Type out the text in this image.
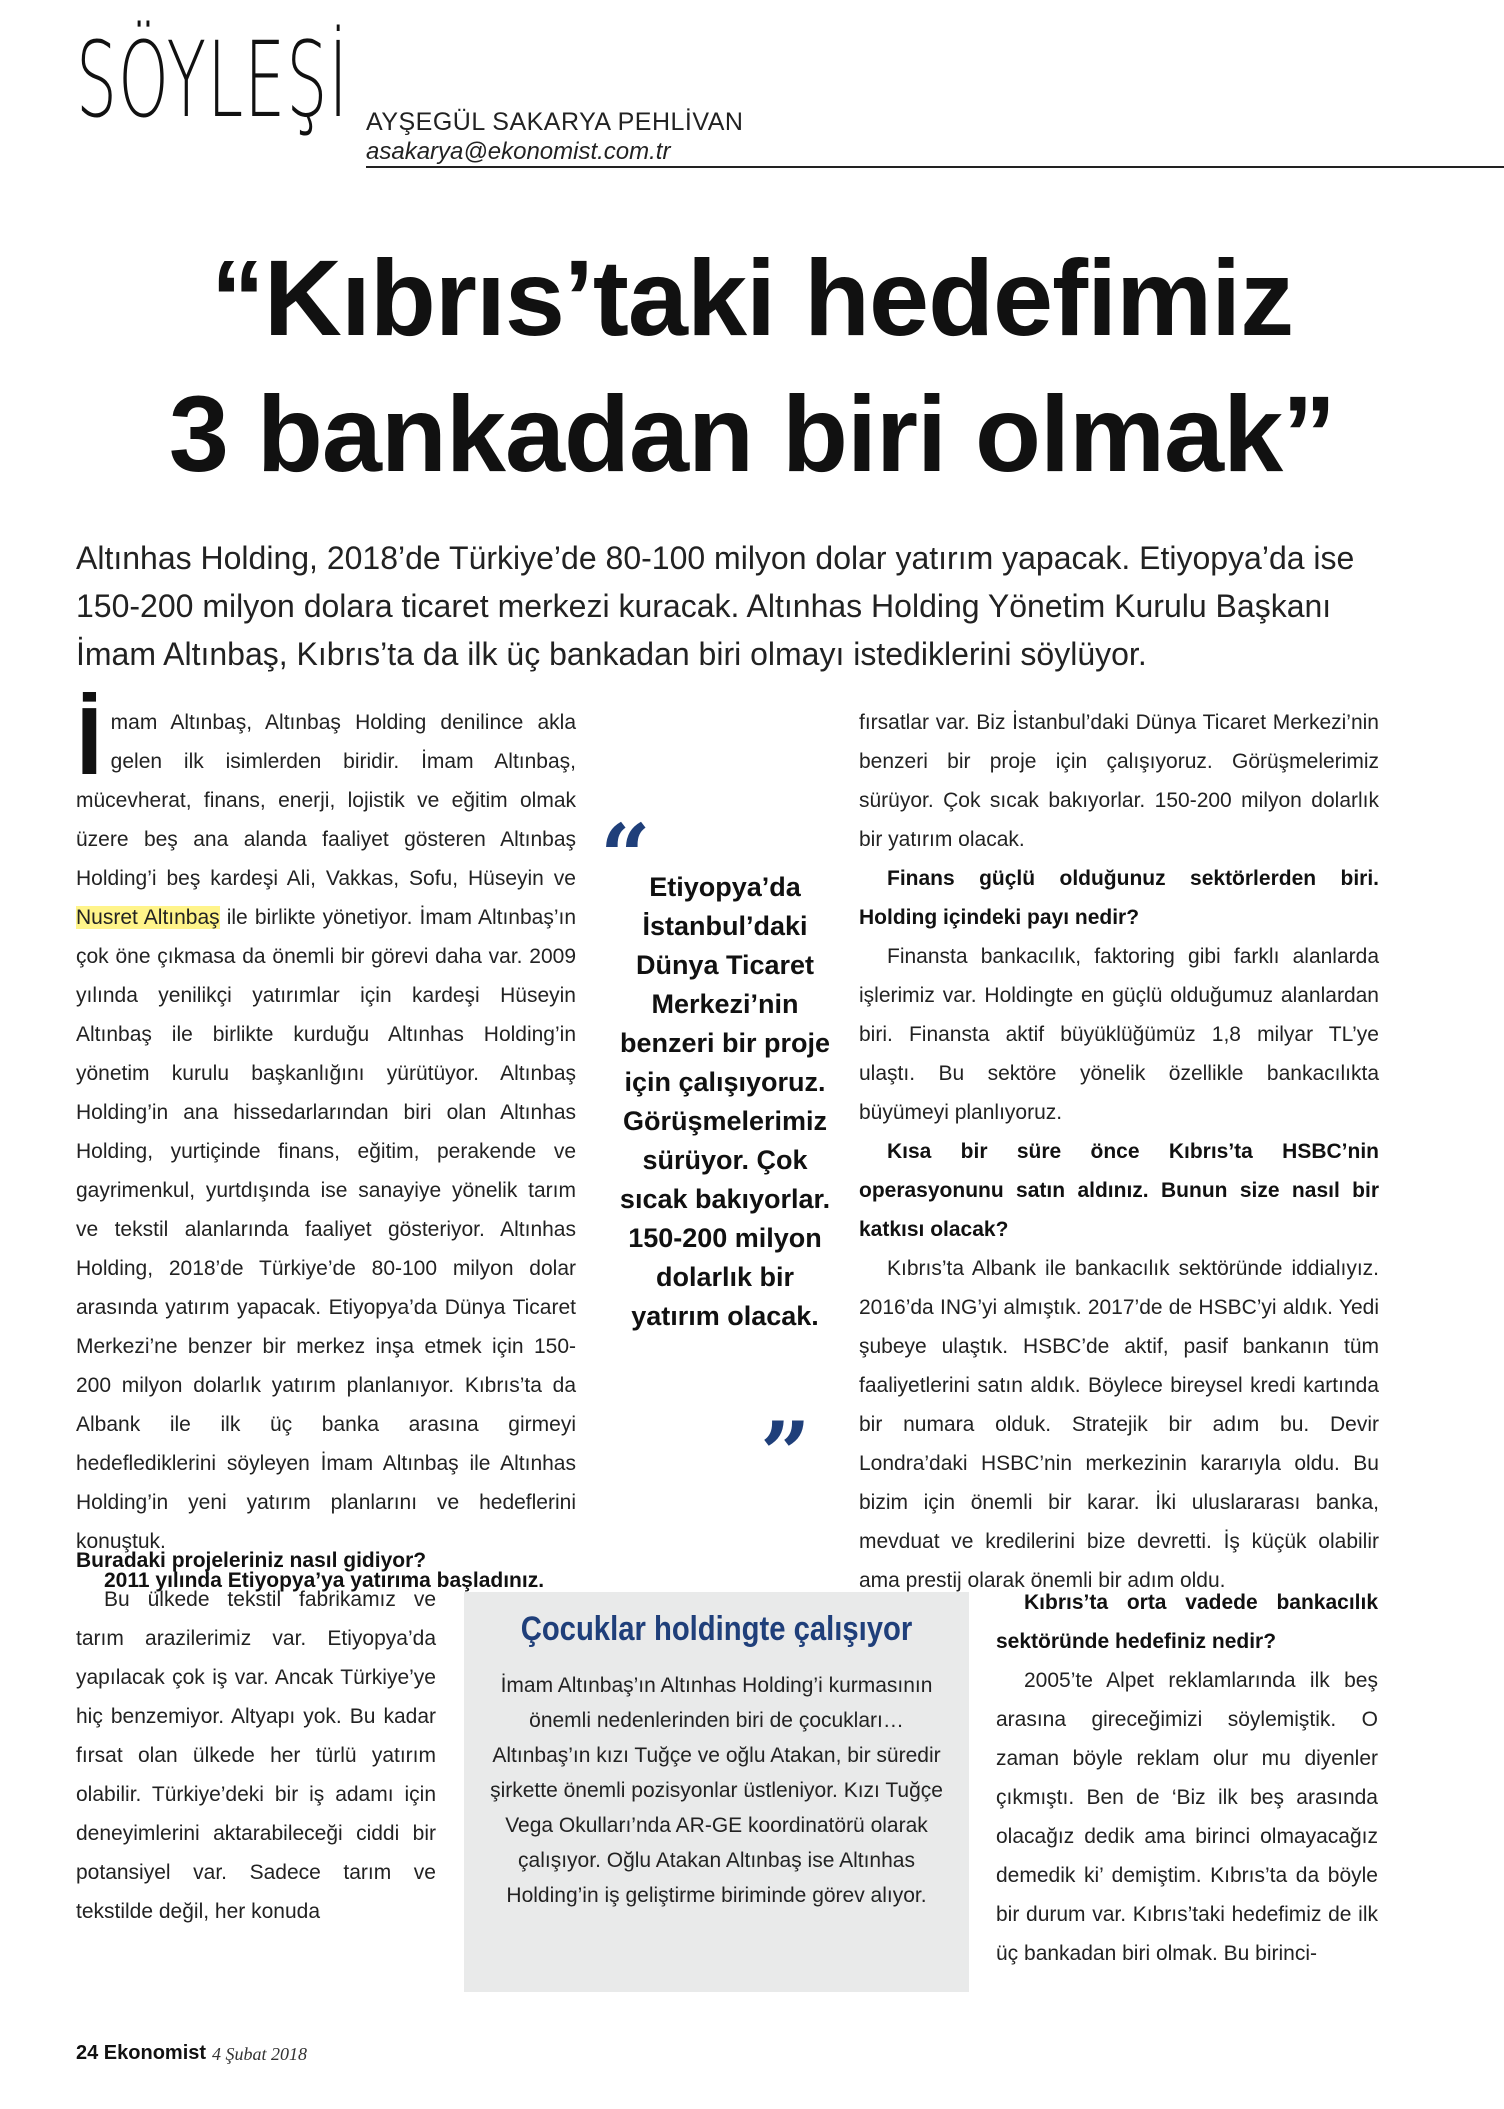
SÖYLEŞİ AYŞEGÜL SAKARYA PEHLİVAN
asakarya@ekonomist.com.tr
“Kıbrıs’taki hedefimiz
3 bankadan biri olmak”
Altınhas Holding, 2018’de Türkiye’de 80-100 milyon dolar yatırım yapacak. Etiyopya’da ise 150-200 milyon dolara ticaret merkezi kuracak. Altınhas Holding Yönetim Kurulu Başkanı İmam Altınbaş, Kıbrıs’ta da ilk üç bankadan biri olmayı istediklerini söylüyor.

İmam Altınbaş, Altınbaş Holding denilince akla gelen ilk isimlerden biridir. İmam Altınbaş, mücevherat, finans, enerji, lojistik ve eğitim olmak üzere beş ana alanda faaliyet gösteren Altınbaş Holding’i beş kardeşi Ali, Vakkas, Sofu, Hüseyin ve Nusret Altınbaş ile birlikte yönetiyor. İmam Altınbaş’ın çok öne çıkmasa da önemli bir görevi daha var. 2009 yılında yenilikçi yatırımlar için kardeşi Hüseyin Altınbaş ile birlikte kurduğu Altınhas Holding’in yönetim kurulu başkanlığını yürütüyor. Altınbaş Holding’in ana hissedarlarından biri olan Altınhas Holding, yurtiçinde finans, eğitim, perakende ve gayrimenkul, yurtdışında ise sanayiye yönelik tarım ve tekstil alanlarında faaliyet gösteriyor. Altınhas Holding, 2018’de Türkiye’de 80-100 milyon dolar arasında yatırım yapacak. Etiyopya’da Dünya Ticaret Merkezi’ne benzer bir merkez inşa etmek için 150-200 milyon dolarlık yatırım planlanıyor. Kıbrıs’ta da Albank ile ilk üç banka arasına girmeyi hedeflediklerini söyleyen İmam Altınbaş ile Altınhas Holding’in yeni yatırım planlarını ve hedeflerini konuştuk.

2011 yılında Etiyopya’ya yatırıma başladınız.

Buradaki projeleriniz nasıl gidiyor?

Bu ülkede tekstil fabrikamız ve tarım arazilerimiz var. Etiyopya’da yapılacak çok iş var. Ancak Türkiye’ye hiç benzemiyor. Altyapı yok. Bu kadar fırsat olan ülkede her türlü yatırım olabilir. Türkiye’deki bir iş adamı için deneyimlerini aktarabileceği ciddi bir potansiyel var. Sadece tarım ve tekstilde değil, her konuda

“
Etiyopya’da İstanbul’daki Dünya Ticaret Merkezi’nin benzeri bir proje için çalışıyoruz. Görüşmelerimiz sürüyor. Çok sıcak bakıyorlar. 150-200 milyon dolarlık bir yatırım olacak.
”

fırsatlar var. Biz İstanbul’daki Dünya Ticaret Merkezi’nin benzeri bir proje için çalışıyoruz. Görüşmelerimiz sürüyor. Çok sıcak bakıyorlar. 150-200 milyon dolarlık bir yatırım olacak.

Finans güçlü olduğunuz sektörlerden biri. Holding içindeki payı nedir?

Finansta bankacılık, faktoring gibi farklı alanlarda işlerimiz var. Holdingte en güçlü olduğumuz alanlardan biri. Finansta aktif büyüklüğümüz 1,8 milyar TL’ye ulaştı. Bu sektöre yönelik özellikle bankacılıkta büyümeyi planlıyoruz.

Kısa bir süre önce Kıbrıs’ta HSBC’nin operasyonunu satın aldınız. Bunun size nasıl bir katkısı olacak?

Kıbrıs’ta Albank ile bankacılık sektöründe iddialıyız. 2016’da ING’yi almıştık. 2017’de de HSBC’yi aldık. Yedi şubeye ulaştık. HSBC’de aktif, pasif bankanın tüm faaliyetlerini satın aldık. Böylece bireysel kredi kartında bir numara olduk. Stratejik bir adım bu. Devir Londra’daki HSBC’nin merkezinin kararıyla oldu. Bu bizim için önemli bir karar. İki uluslararası banka, mevduat ve kredilerini bize devretti. İş küçük olabilir ama prestij olarak önemli bir adım oldu.

Kıbrıs’ta orta vadede bankacılık sektöründe hedefiniz nedir?

2005’te Alpet reklamlarında ilk beş arasına gireceğimizi söylemiştik. O zaman böyle reklam olur mu diyenler çıkmıştı. Ben de ‘Biz ilk beş arasında olacağız dedik ama birinci olmayacağız demedik ki’ demiştim. Kıbrıs’ta da böyle bir durum var. Kıbrıs’taki hedefimiz de ilk üç bankadan biri olmak. Bu birinci-

Çocuklar holdingte çalışıyor
İmam Altınbaş’ın Altınhas Holding’i kurmasının önemli nedenlerinden biri de çocukları… Altınbaş’ın kızı Tuğçe ve oğlu Atakan, bir süredir şirkette önemli pozisyonlar üstleniyor. Kızı Tuğçe Vega Okulları’nda AR-GE koordinatörü olarak çalışıyor. Oğlu Atakan Altınbaş ise Altınhas Holding’in iş geliştirme biriminde görev alıyor.
24 Ekonomist 4 Şubat 2018
